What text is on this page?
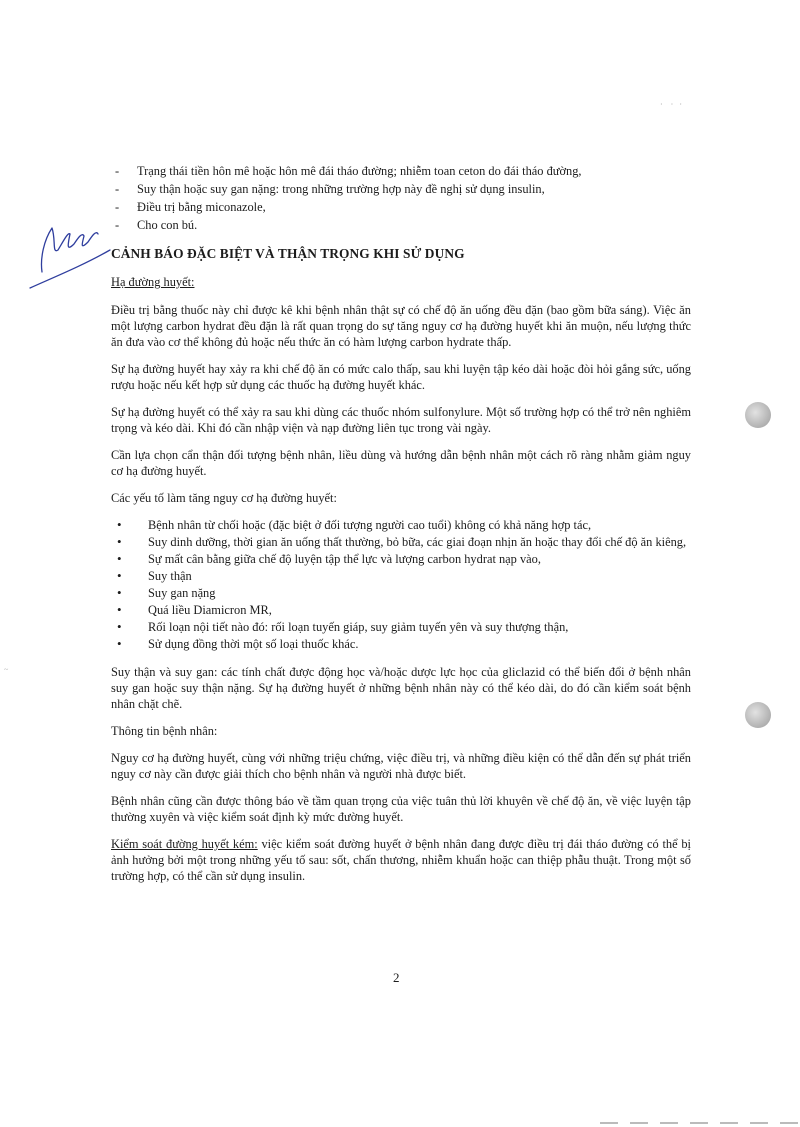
·    ·   ·
~
- Trạng thái tiền hôn mê hoặc hôn mê đái tháo đường; nhiễm toan ceton do đái tháo đường,
- Suy thận hoặc suy gan nặng: trong những trường hợp này đề nghị sử dụng insulin,
- Điều trị bằng miconazole,
- Cho con bú.
CẢNH BÁO ĐẶC BIỆT VÀ THẬN TRỌNG KHI SỬ DỤNG
Hạ đường huyết:

Điều trị bằng thuốc này chỉ được kê khi bệnh nhân thật sự có chế độ ăn uống đều đặn (bao gồm bữa sáng). Việc ăn một lượng carbon hydrat đều đặn là rất quan trọng do sự tăng nguy cơ hạ đường huyết khi ăn muộn, nếu lượng thức ăn đưa vào cơ thể không đủ hoặc nếu thức ăn có hàm lượng carbon hydrate thấp.

Sự hạ đường huyết hay xảy ra khi chế độ ăn có mức calo thấp, sau khi luyện tập kéo dài hoặc đòi hỏi gắng sức, uống rượu hoặc nếu kết hợp sử dụng các thuốc hạ đường huyết khác.

Sự hạ đường huyết có thể xảy ra sau khi dùng các thuốc nhóm sulfonylure. Một số trường hợp có thể trở nên nghiêm trọng và kéo dài. Khi đó cần nhập viện và nạp đường liên tục trong vài ngày.

Cần lựa chọn cẩn thận đối tượng bệnh nhân, liều dùng và hướng dẫn bệnh nhân một cách rõ ràng nhằm giảm nguy cơ hạ đường huyết.

Các yếu tố làm tăng nguy cơ hạ đường huyết:

• Bệnh nhân từ chối hoặc (đặc biệt ở đối tượng người cao tuổi) không có khả năng hợp tác,
• Suy dinh dưỡng, thời gian ăn uống thất thường, bỏ bữa, các giai đoạn nhịn ăn hoặc thay đổi chế độ ăn kiêng,
• Sự mất cân bằng giữa chế độ luyện tập thể lực và lượng carbon hydrat nạp vào,
• Suy thận
• Suy gan nặng
• Quá liều Diamicron MR,
• Rối loạn nội tiết nào đó: rối loạn tuyến giáp, suy giảm tuyến yên và suy thượng thận,
• Sử dụng đồng thời một số loại thuốc khác.

Suy thận và suy gan: các tính chất được động học và/hoặc dược lực học của gliclazid có thể biến đổi ở bệnh nhân suy gan hoặc suy thận nặng. Sự hạ đường huyết ở những bệnh nhân này có thể kéo dài, do đó cần kiểm soát bệnh nhân chặt chẽ.

Thông tin bệnh nhân:

Nguy cơ hạ đường huyết, cùng với những triệu chứng, việc điều trị, và những điều kiện có thể dẫn đến sự phát triển nguy cơ này cần được giải thích cho bệnh nhân và người nhà được biết.

Bệnh nhân cũng cần được thông báo về tầm quan trọng của việc tuân thủ lời khuyên về chế độ ăn, về việc luyện tập thường xuyên và việc kiểm soát định kỳ mức đường huyết.

Kiểm soát đường huyết kém: việc kiểm soát đường huyết ở bệnh nhân đang được điều trị đái tháo đường có thể bị ảnh hưởng bởi một trong những yếu tố sau: sốt, chấn thương, nhiễm khuẩn hoặc can thiệp phẫu thuật. Trong một số trường hợp, có thể cần sử dụng insulin.

2
